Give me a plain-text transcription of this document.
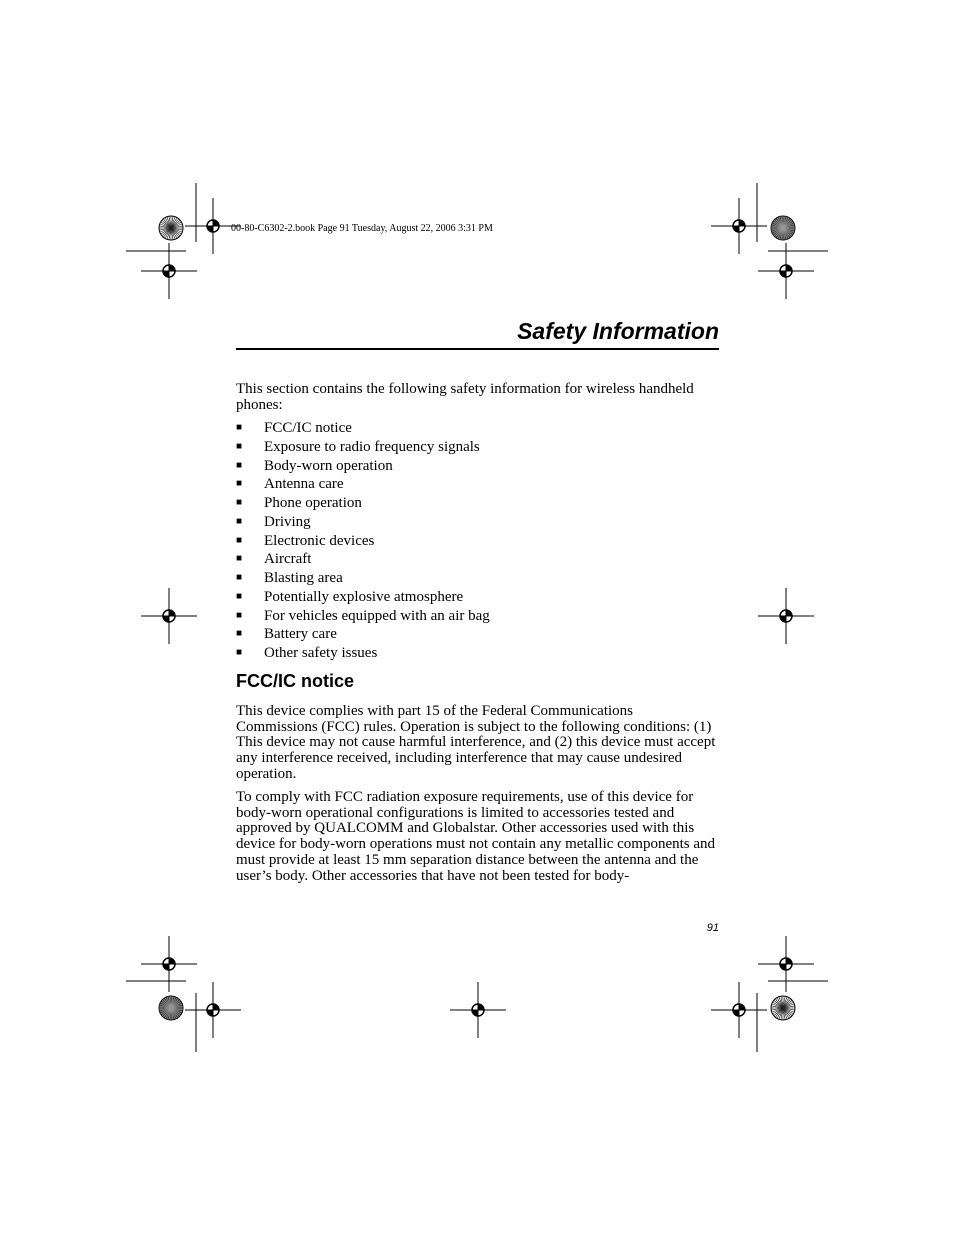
00-80-C6302-2.book Page 91 Tuesday, August 22, 2006 3:31 PM
Safety Information
This section contains the following safety information for wireless handheld phones:
■ FCC/IC notice
■ Exposure to radio frequency signals
■ Body-worn operation
■ Antenna care
■ Phone operation
■ Driving
■ Electronic devices
■ Aircraft
■ Blasting area
■ Potentially explosive atmosphere
■ For vehicles equipped with an air bag
■ Battery care
■ Other safety issues
FCC/IC notice
This device complies with part 15 of the Federal Communications Commissions (FCC) rules. Operation is subject to the following conditions: (1) This device may not cause harmful interference, and (2) this device must accept any interference received, including interference that may cause undesired operation.
To comply with FCC radiation exposure requirements, use of this device for body-worn operational configurations is limited to accessories tested and approved by QUALCOMM and Globalstar. Other accessories used with this device for body-worn operations must not contain any metallic components and must provide at least 15 mm separation distance between the antenna and the user’s body. Other accessories that have not been tested for body-
91
